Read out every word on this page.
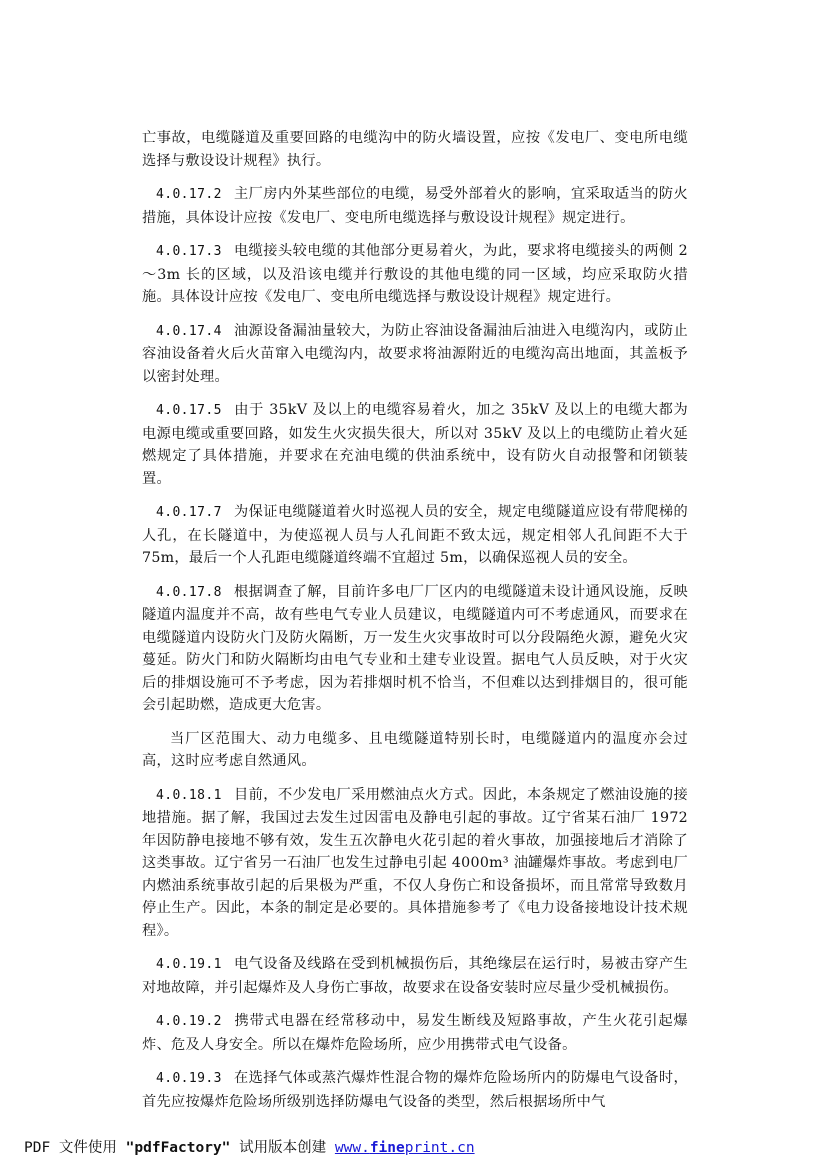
亡事故，电缆隧道及重要回路的电缆沟中的防火墙设置，应按《发电厂、变电所电缆选择与敷设设计规程》执行。

4.0.17.2 主厂房内外某些部位的电缆，易受外部着火的影响，宜采取适当的防火措施，具体设计应按《发电厂、变电所电缆选择与敷设设计规程》规定进行。

4.0.17.3 电缆接头较电缆的其他部分更易着火，为此，要求将电缆接头的两侧 2～3m 长的区域，以及沿该电缆并行敷设的其他电缆的同一区域，均应采取防火措施。具体设计应按《发电厂、变电所电缆选择与敷设设计规程》规定进行。

4.0.17.4 油源设备漏油量较大，为防止容油设备漏油后油进入电缆沟内，或防止容油设备着火后火苗窜入电缆沟内，故要求将油源附近的电缆沟高出地面，其盖板予以密封处理。

4.0.17.5 由于 35kV 及以上的电缆容易着火，加之 35kV 及以上的电缆大都为电源电缆或重要回路，如发生火灾损失很大，所以对 35kV 及以上的电缆防止着火延燃规定了具体措施，并要求在充油电缆的供油系统中，设有防火自动报警和闭锁装置。

4.0.17.7 为保证电缆隧道着火时巡视人员的安全，规定电缆隧道应设有带爬梯的人孔，在长隧道中，为使巡视人员与人孔间距不致太远，规定相邻人孔间距不大于 75m，最后一个人孔距电缆隧道终端不宜超过 5m，以确保巡视人员的安全。

4.0.17.8 根据调查了解，目前许多电厂厂区内的电缆隧道未设计通风设施，反映隧道内温度并不高，故有些电气专业人员建议，电缆隧道内可不考虑通风，而要求在电缆隧道内设防火门及防火隔断，万一发生火灾事故时可以分段隔绝火源，避免火灾蔓延。防火门和防火隔断均由电气专业和土建专业设置。据电气人员反映，对于火灾后的排烟设施可不予考虑，因为若排烟时机不恰当，不但难以达到排烟目的，很可能会引起助燃，造成更大危害。

当厂区范围大、动力电缆多、且电缆隧道特别长时，电缆隧道内的温度亦会过高，这时应考虑自然通风。

4.0.18.1 目前，不少发电厂采用燃油点火方式。因此，本条规定了燃油设施的接地措施。据了解，我国过去发生过因雷电及静电引起的事故。辽宁省某石油厂 1972 年因防静电接地不够有效，发生五次静电火花引起的着火事故，加强接地后才消除了这类事故。辽宁省另一石油厂也发生过静电引起 4000m³ 油罐爆炸事故。考虑到电厂内燃油系统事故引起的后果极为严重，不仅人身伤亡和设备损坏，而且常常导致数月停止生产。因此，本条的制定是必要的。具体措施参考了《电力设备接地设计技术规程》。

4.0.19.1 电气设备及线路在受到机械损伤后，其绝缘层在运行时，易被击穿产生对地故障，并引起爆炸及人身伤亡事故，故要求在设备安装时应尽量少受机械损伤。

4.0.19.2 携带式电器在经常移动中，易发生断线及短路事故，产生火花引起爆炸、危及人身安全。所以在爆炸危险场所，应少用携带式电气设备。

4.0.19.3 在选择气体或蒸汽爆炸性混合物的爆炸危险场所内的防爆电气设备时，首先应按爆炸危险场所级别选择防爆电气设备的类型，然后根据场所中气

PDF 文件使用 "pdfFactory" 试用版本创建 www.fineprint.cn
